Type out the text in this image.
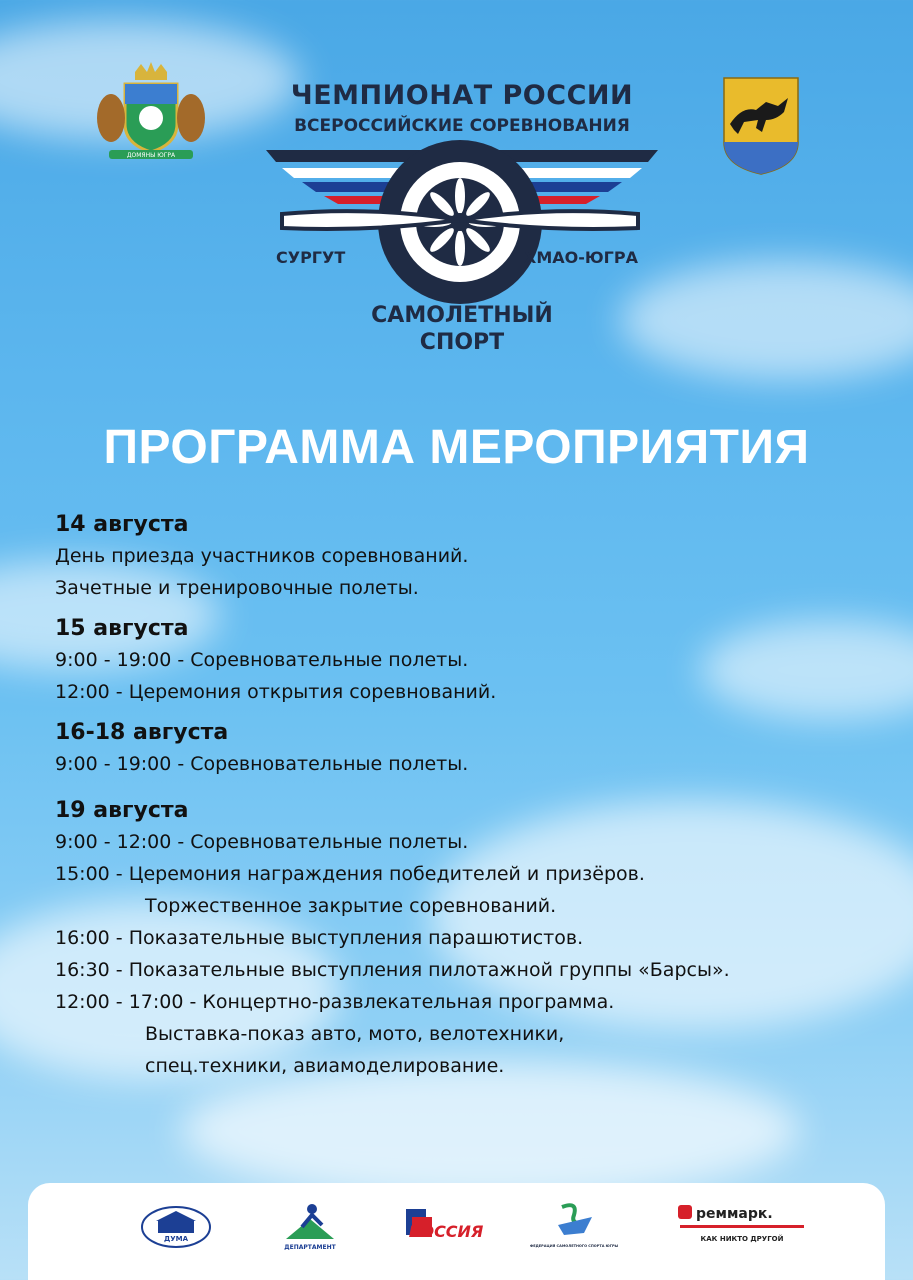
ДОМЯНЫ ЮГРА
ЧЕМПИОНАТ РОССИИ
ВСЕРОССИЙСКИЕ СОРЕВНОВАНИЯ
СУРГУТ	ХМАО-ЮГРА
САМОЛЕТНЫЙ
СПОРТ
ПРОГРАММА МЕРОПРИЯТИЯ
14 августа
День приезда участников соревнований.
Зачетные и тренировочные полеты.
15 августа
9:00 - 19:00 - Соревновательные полеты.
12:00 - Церемония открытия соревнований.
16-18 августа
9:00 - 19:00 - Соревновательные полеты.
19 августа
9:00 - 12:00 - Соревновательные полеты.
15:00 - Церемония награждения победителей и призёров.
Торжественное закрытие соревнований.
16:00 - Показательные выступления парашютистов.
16:30 - Показательные выступления пилотажной группы «Барсы».
12:00 - 17:00 - Концертно-развлекательная программа.
Выставка-показ авто, мото, велотехники,
спец.техники, авиамоделирование.
ДУМА
ДЕПАРТАМЕНТ
РОССИЯ
ФЕДЕРАЦИЯ САМОЛЕТНОГО СПОРТА ЮГРЫ
реммарк.
КАК НИКТО ДРУГОЙ
